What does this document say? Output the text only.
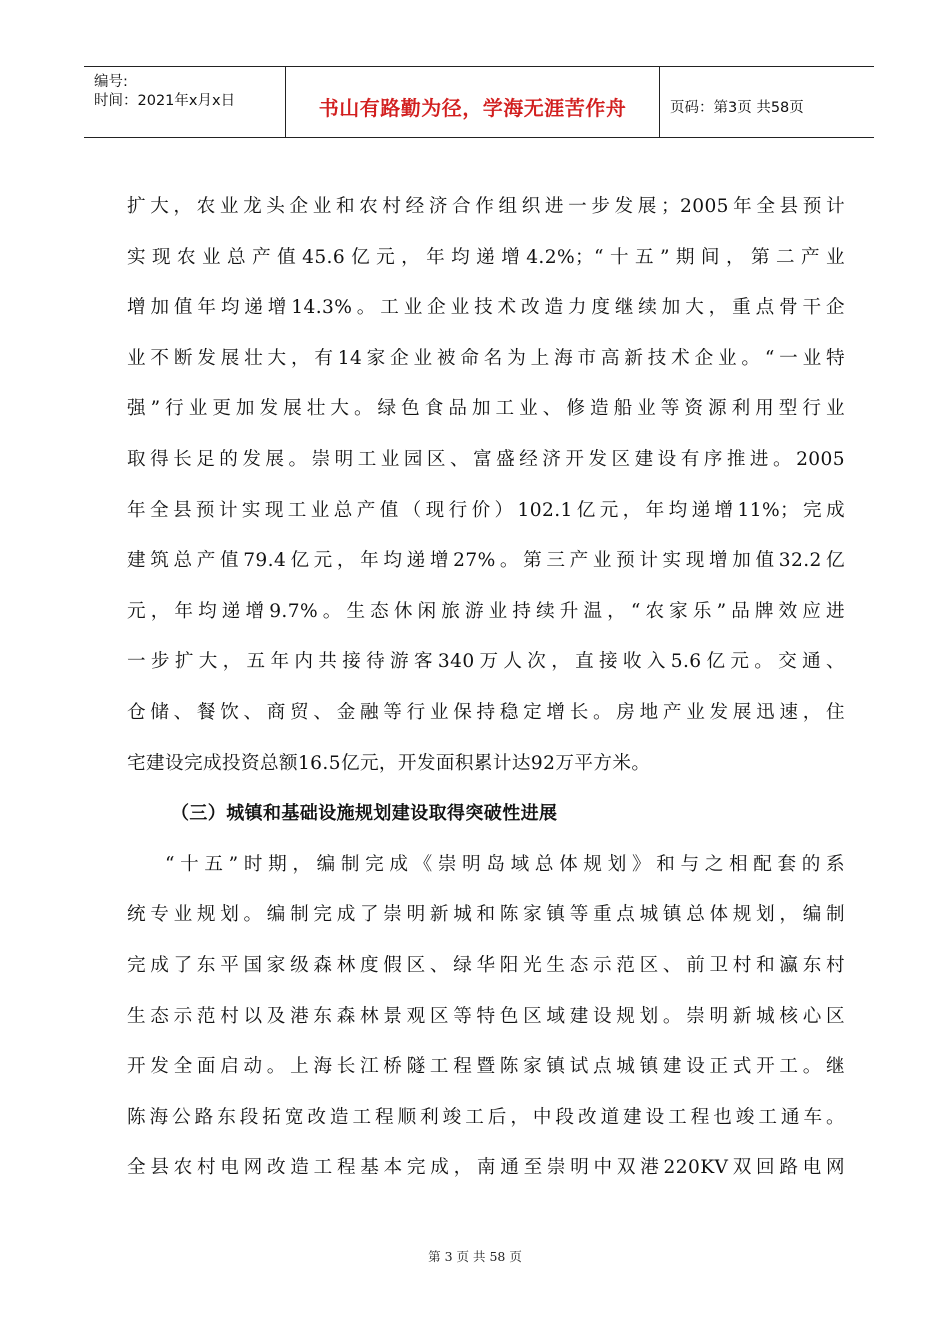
编号:
时间：2021年x月x日	书山有路勤为径，学海无涯苦作舟	页码：第3页 共58页
扩大，农业龙头企业和农村经济合作组织进一步发展；2005年全县预计
实现农业总产值45.6亿元，年均递增4.2%；“十五”期间，第二产业
增加值年均递增14.3%。工业企业技术改造力度继续加大，重点骨干企
业不断发展壮大，有14家企业被命名为上海市高新技术企业。“一业特
强”行业更加发展壮大。绿色食品加工业、修造船业等资源利用型行业
取得长足的发展。崇明工业园区、富盛经济开发区建设有序推进。2005
年全县预计实现工业总产值（现行价）102.1亿元，年均递增11%；完成
建筑总产值79.4亿元，年均递增27%。第三产业预计实现增加值32.2亿
元，年均递增9.7%。生态休闲旅游业持续升温，“农家乐”品牌效应进
一步扩大，五年内共接待游客340万人次，直接收入5.6亿元。交通、
仓储、餐饮、商贸、金融等行业保持稳定增长。房地产业发展迅速，住
宅建设完成投资总额16.5亿元，开发面积累计达92万平方米。
（三）城镇和基础设施规划建设取得突破性进展
“十五”时期，编制完成《崇明岛域总体规划》和与之相配套的系
统专业规划。编制完成了崇明新城和陈家镇等重点城镇总体规划，编制
完成了东平国家级森林度假区、绿华阳光生态示范区、前卫村和瀛东村
生态示范村以及港东森林景观区等特色区域建设规划。崇明新城核心区
开发全面启动。上海长江桥隧工程暨陈家镇试点城镇建设正式开工。继
陈海公路东段拓宽改造工程顺利竣工后，中段改道建设工程也竣工通车。
全县农村电网改造工程基本完成，南通至崇明中双港220KV双回路电网
第 3 页 共 58 页
